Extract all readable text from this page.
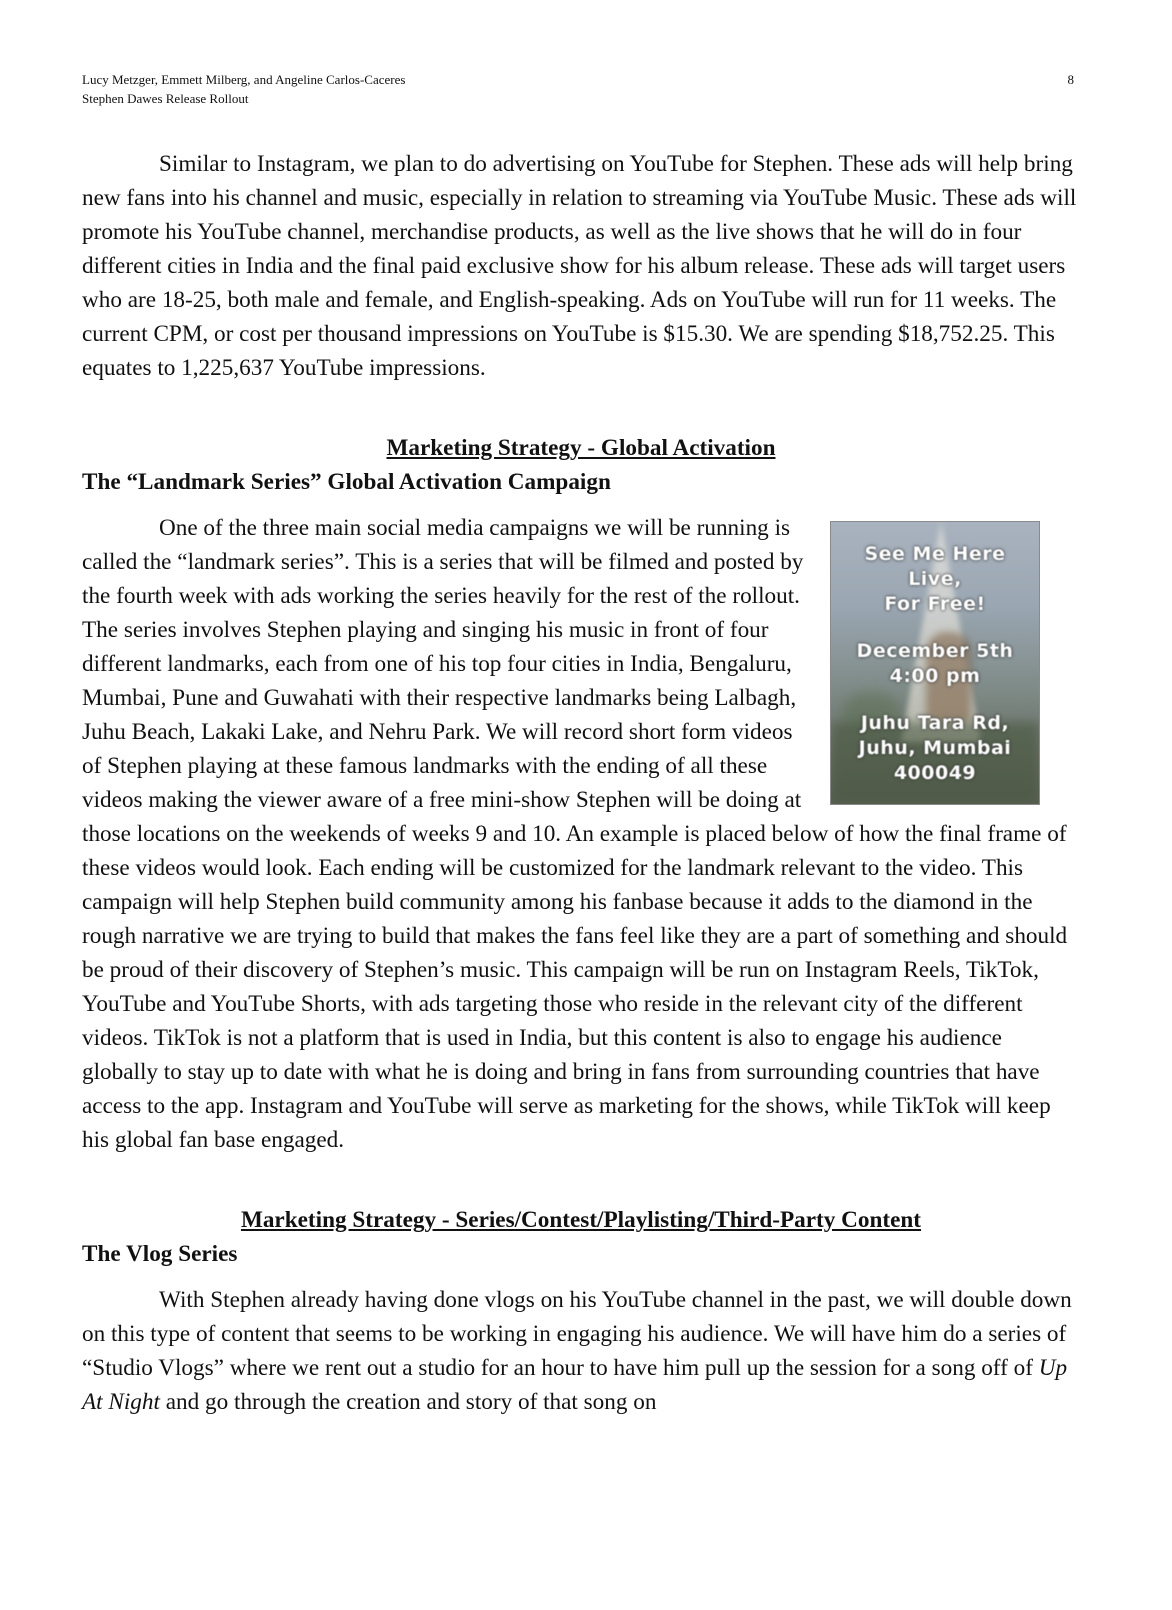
Lucy Metzger, Emmett Milberg, and Angeline Carlos-Caceres
Stephen Dawes Release Rollout
8

Similar to Instagram, we plan to do advertising on YouTube for Stephen. These ads will help bring new fans into his channel and music, especially in relation to streaming via YouTube Music. These ads will promote his YouTube channel, merchandise products, as well as the live shows that he will do in four different cities in India and the final paid exclusive show for his album release. These ads will target users who are 18-25, both male and female, and English-speaking. Ads on YouTube will run for 11 weeks. The current CPM, or cost per thousand impressions on YouTube is $15.30. We are spending $18,752.25. This equates to 1,225,637 YouTube impressions.

Marketing Strategy - Global Activation

The “Landmark Series” Global Activation Campaign

See Me Here
Live,
For Free!
December 5th
4:00 pm
Juhu Tara Rd,
Juhu, Mumbai
400049

One of the three main social media campaigns we will be running is called the “landmark series”. This is a series that will be filmed and posted by the fourth week with ads working the series heavily for the rest of the rollout. The series involves Stephen playing and singing his music in front of four different landmarks, each from one of his top four cities in India, Bengaluru, Mumbai, Pune and Guwahati with their respective landmarks being Lalbagh, Juhu Beach, Lakaki Lake, and Nehru Park. We will record short form videos of Stephen playing at these famous landmarks with the ending of all these videos making the viewer aware of a free mini-show Stephen will be doing at those locations on the weekends of weeks 9 and 10. An example is placed below of how the final frame of these videos would look. Each ending will be customized for the landmark relevant to the video. This campaign will help Stephen build community among his fanbase because it adds to the diamond in the rough narrative we are trying to build that makes the fans feel like they are a part of something and should be proud of their discovery of Stephen’s music. This campaign will be run on Instagram Reels, TikTok, YouTube and YouTube Shorts, with ads targeting those who reside in the relevant city of the different videos. TikTok is not a platform that is used in India, but this content is also to engage his audience globally to stay up to date with what he is doing and bring in fans from surrounding countries that have access to the app. Instagram and YouTube will serve as marketing for the shows, while TikTok will keep his global fan base engaged.

Marketing Strategy - Series/Contest/Playlisting/Third-Party Content

The Vlog Series

With Stephen already having done vlogs on his YouTube channel in the past, we will double down on this type of content that seems to be working in engaging his audience. We will have him do a series of “Studio Vlogs” where we rent out a studio for an hour to have him pull up the session for a song off of Up At Night and go through the creation and story of that song on
